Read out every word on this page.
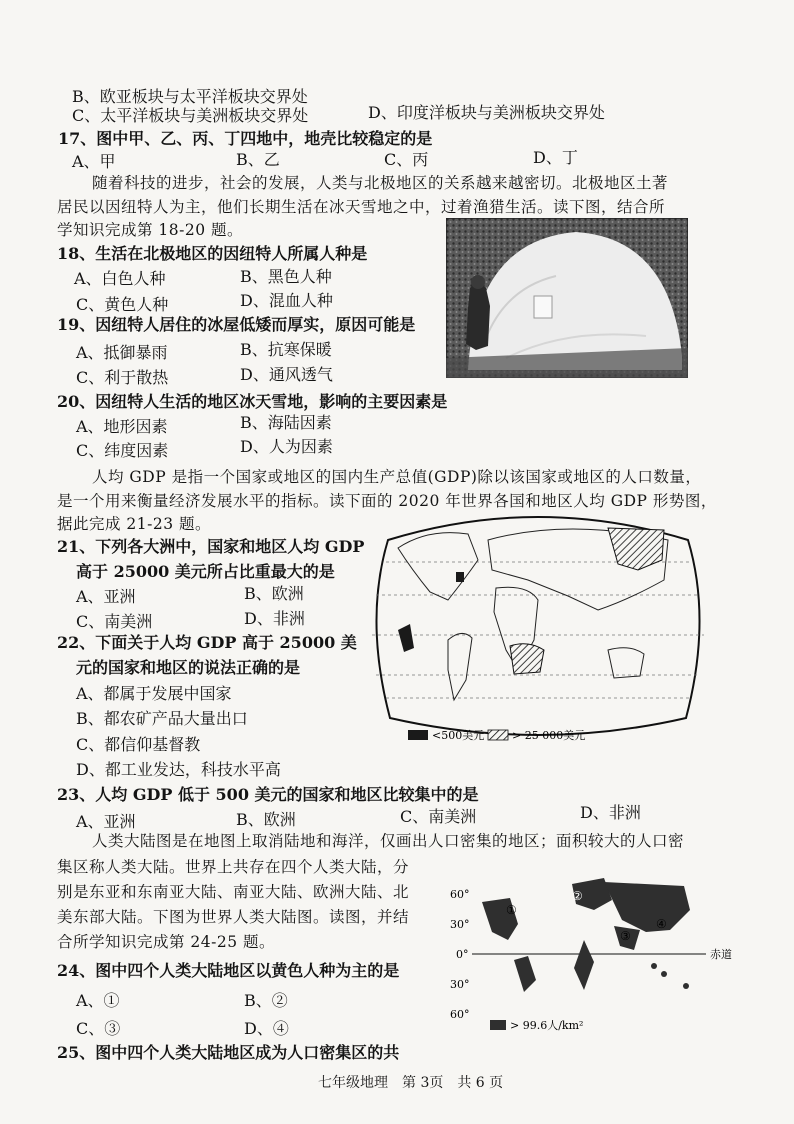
B、欧亚板块与太平洋板块交界处
C、太平洋板块与美洲板块交界处	D、印度洋板块与美洲板块交界处
17、图中甲、乙、丙、丁四地中，地壳比较稳定的是
A、甲	B、乙	C、丙	D、丁
随着科技的进步，社会的发展，人类与北极地区的关系越来越密切。北极地区土著
居民以因纽特人为主，他们长期生活在冰天雪地之中，过着渔猎生活。读下图，结合所
学知识完成第 18-20 题。
18、生活在北极地区的因纽特人所属人种是
A、白色人种	B、黑色人种
C、黄色人种	D、混血人种
19、因纽特人居住的冰屋低矮而厚实，原因可能是
A、抵御暴雨	B、抗寒保暖
C、利于散热	D、通风透气
20、因纽特人生活的地区冰天雪地，影响的主要因素是
A、地形因素	B、海陆因素
C、纬度因素	D、人为因素
人均 GDP 是指一个国家或地区的国内生产总值(GDP)除以该国家或地区的人口数量，
是一个用来衡量经济发展水平的指标。读下面的 2020 年世界各国和地区人均 GDP 形势图，
据此完成 21-23 题。
21、下列各大洲中，国家和地区人均 GDP
高于 25000 美元所占比重最大的是
A、亚洲	B、欧洲
C、南美洲	D、非洲
22、下面关于人均 GDP 高于 25000 美
元的国家和地区的说法正确的是
A、都属于发展中国家
B、都农矿产品大量出口
C、都信仰基督教
D、都工业发达，科技水平高
23、人均 GDP 低于 500 美元的国家和地区比较集中的是
A、亚洲	B、欧洲	C、南美洲	D、非洲
人类大陆图是在地图上取消陆地和海洋，仅画出人口密集的地区；面积较大的人口密
集区称人类大陆。世界上共存在四个人类大陆，分
别是东亚和东南亚大陆、南亚大陆、欧洲大陆、北
美东部大陆。下图为世界人类大陆图。读图，并结
合所学知识完成第 24-25 题。
24、图中四个人类大陆地区以黄色人种为主的是
A、①	B、②
C、③	D、④
25、图中四个人类大陆地区成为人口密集区的共
七年级地理　第 3页　共 6 页
<500美元	> 25 000美元
60°
30°
0°
30°
60°
赤道
①
②
③
④
> 99.6人/km²
